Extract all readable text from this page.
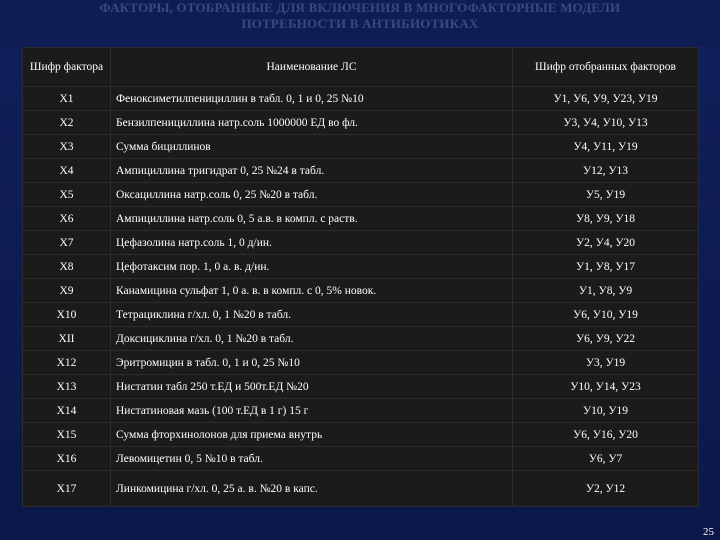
ФАКТОРЫ, ОТОБРАННЫЕ ДЛЯ ВКЛЮЧЕНИЯ В МНОГОФАКТОРНЫЕ МОДЕЛИ
ПОТРЕБНОСТИ В АНТИБИОТИКАХ
Шифр фактора	Наименование ЛС	Шифр отобранных факторов
X1	Феноксиметилпенициллин в табл. 0, 1 и 0, 25 №10	У1, У6, У9, У23, У19
X2	Бензилпенициллина натр.соль 1000000 ЕД во фл.	У3, У4, У10, У13
X3	Сумма бициллинов	У4, У11, У19
X4	Ампициллина тригидрат 0, 25 №24 в табл.	У12, У13
X5	Оксациллина натр.соль 0, 25 №20 в табл.	У5, У19
X6	Ампициллина натр.соль 0, 5 а.в. в компл. с раств.	У8, У9, У18
X7	Цефазолина натр.соль 1, 0 д/ин.	У2, У4, У20
X8	Цефотаксим пор. 1, 0 а. в. д/ин.	У1, У8, У17
X9	Канамицина сульфат 1, 0 а. в. в компл. с 0, 5% новок.	У1, У8, У9
X10	Тетрациклина г/хл. 0, 1 №20 в табл.	У6, У10, У19
XII	Доксициклина г/хл. 0, 1 №20 в табл.	У6, У9, У22
X12	Эритромицин в табл. 0, 1 и 0, 25 №10	У3, У19
X13	Нистатин табл 250 т.ЕД и 500т.ЕД №20	У10, У14, У23
X14	Нистатиновая мазь (100 т.ЕД в 1 г) 15 г	У10, У19
X15	Сумма фторхинолонов для приема внутрь	У6, У16, У20
X16	Левомицетин 0, 5 №10 в табл.	У6, У7
X17	Линкомицина г/хл. 0, 25 а. в. №20 в капс.	У2, У12
25
